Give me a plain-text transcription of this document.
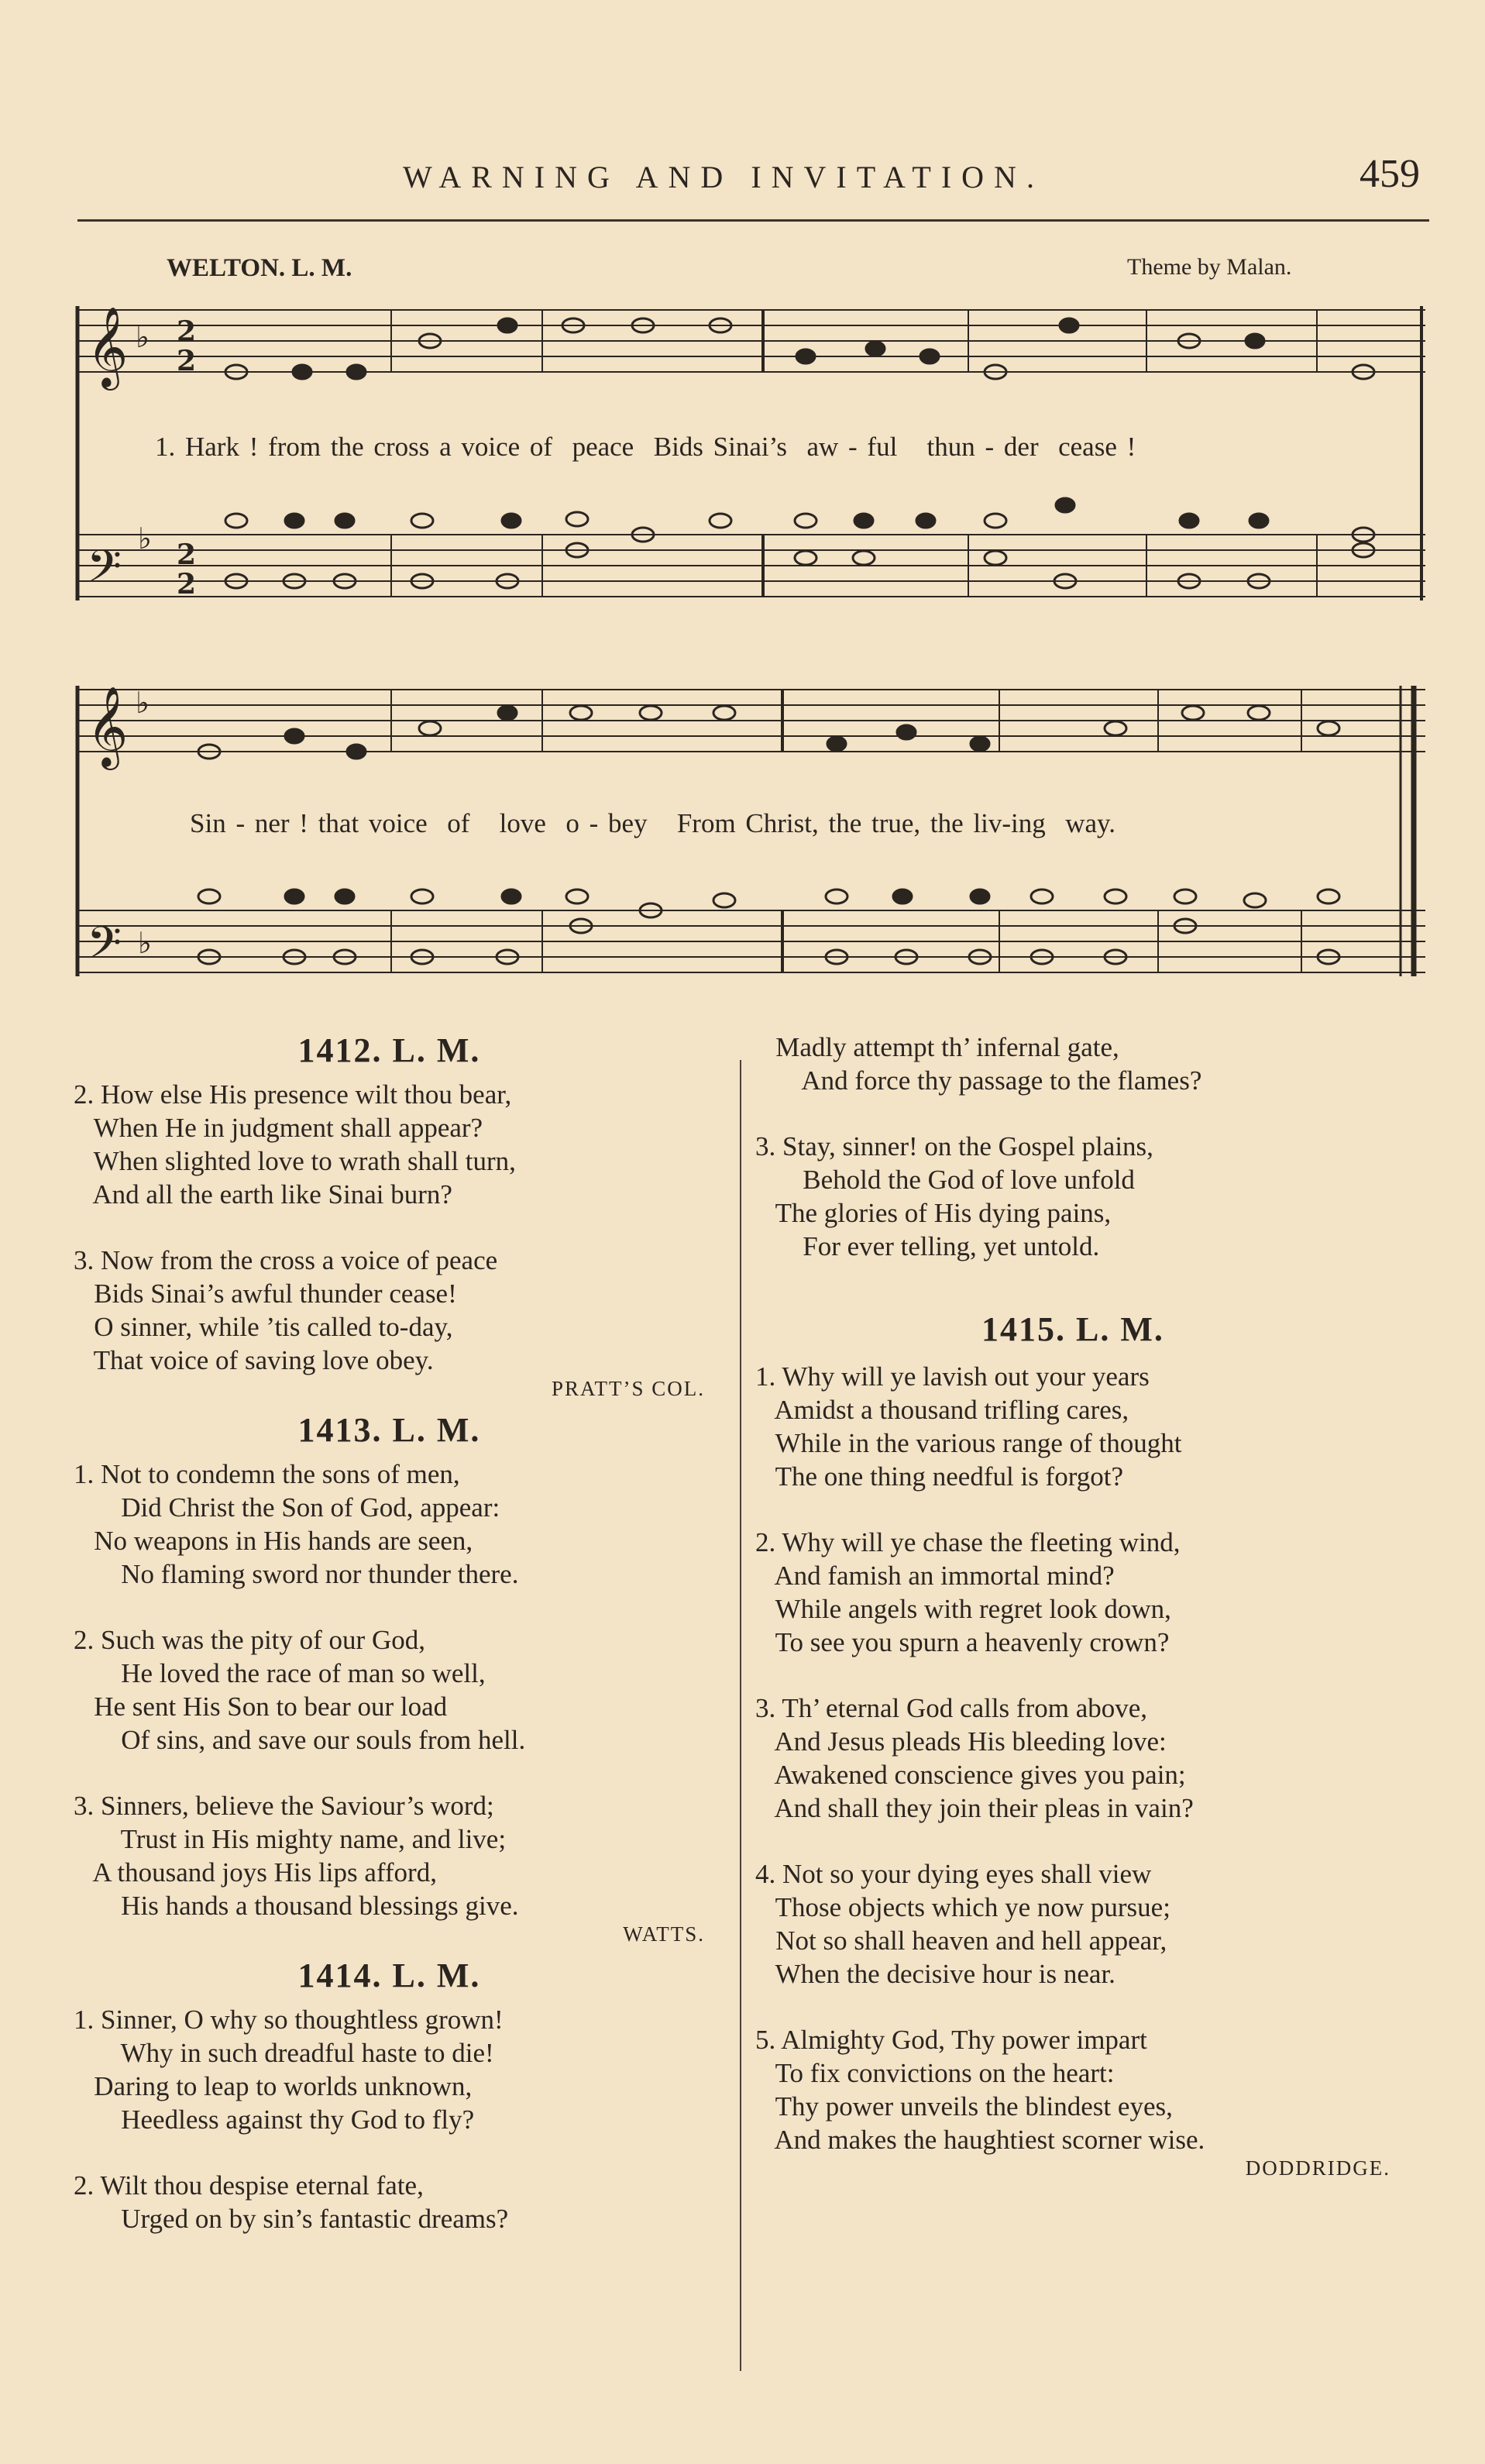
WARNING AND INVITATION.	459
WELTON. L. M.	Theme by Malan.
𝄞
𝄢
𝄞
𝄢
♭
♭
♭
♭
2
2
2
2
1. Hark ! from the cross a voice of  peace  Bids Sinai’s  aw - ful   thun - der  cease !
Sin - ner ! that voice  of   love  o - bey   From Christ, the true, the liv-ing  way.
1412. L. M.
2. How else His presence wilt thou bear,
When He in judgment shall appear?
When slighted love to wrath shall turn,
And all the earth like Sinai burn?
3. Now from the cross a voice of peace
Bids Sinai’s awful thunder cease!
O sinner, while ’tis called to-day,
That voice of saving love obey.
PRATT’S COL.
1413. L. M.
1. Not to condemn the sons of men,
Did Christ the Son of God, appear:
No weapons in His hands are seen,
No flaming sword nor thunder there.
2. Such was the pity of our God,
He loved the race of man so well,
He sent His Son to bear our load
Of sins, and save our souls from hell.
3. Sinners, believe the Saviour’s word;
Trust in His mighty name, and live;
A thousand joys His lips afford,
His hands a thousand blessings give.
WATTS.
1414. L. M.
1. Sinner, O why so thoughtless grown!
Why in such dreadful haste to die!
Daring to leap to worlds unknown,
Heedless against thy God to fly?
2. Wilt thou despise eternal fate,
Urged on by sin’s fantastic dreams?
Madly attempt th’ infernal gate,
And force thy passage to the flames?
3. Stay, sinner! on the Gospel plains,
Behold the God of love unfold
The glories of His dying pains,
For ever telling, yet untold.
1415. L. M.
1. Why will ye lavish out your years
Amidst a thousand trifling cares,
While in the various range of thought
The one thing needful is forgot?
2. Why will ye chase the fleeting wind,
And famish an immortal mind?
While angels with regret look down,
To see you spurn a heavenly crown?
3. Th’ eternal God calls from above,
And Jesus pleads His bleeding love:
Awakened conscience gives you pain;
And shall they join their pleas in vain?
4. Not so your dying eyes shall view
Those objects which ye now pursue;
Not so shall heaven and hell appear,
When the decisive hour is near.
5. Almighty God, Thy power impart
To fix convictions on the heart:
Thy power unveils the blindest eyes,
And makes the haughtiest scorner wise.
DODDRIDGE.
